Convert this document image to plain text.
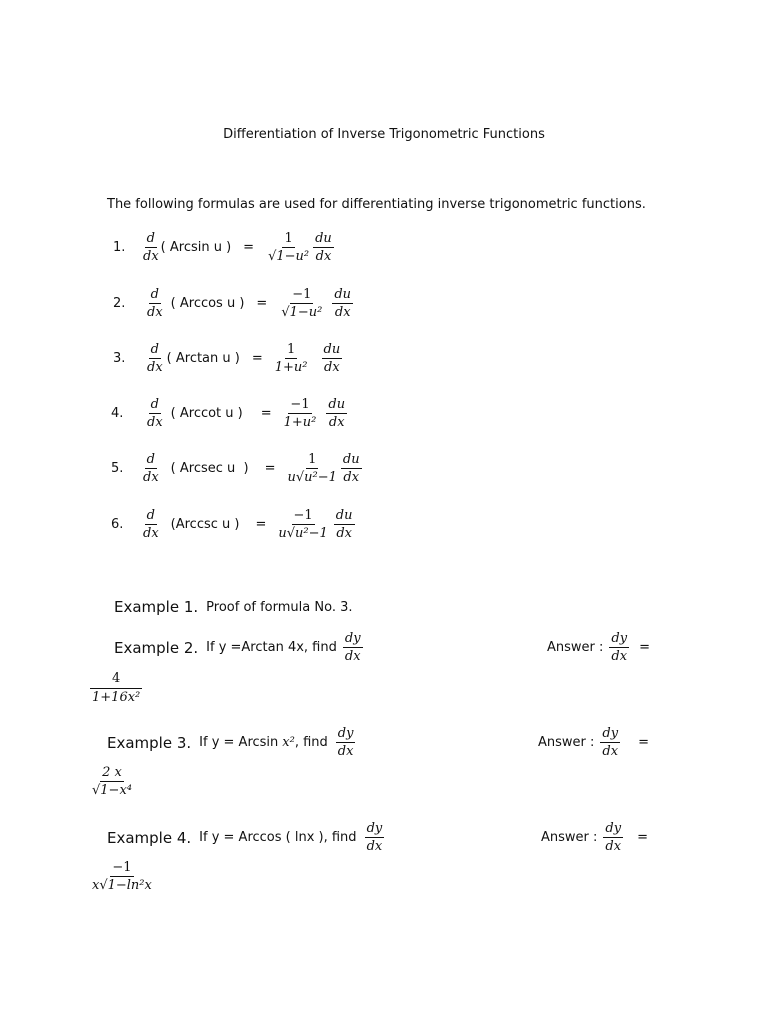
Differentiation of Inverse Trigonometric Functions
The following formulas are used for differentiating inverse trigonometric functions.
1.	$\frac{d}{dx}$ ( Arcsin u ) = $\frac{1}{\text{√1−u²}} \frac{du}{dx}$
2.	$\frac{d}{dx}$ ( Arccos u ) = $\frac{-1}{\text{√1−u²}} \frac{du}{dx}$
3.	$\frac{d}{dx}$ ( Arctan u ) = $\frac{1}{\text{1+u²}} \frac{du}{dx}$
4.	$\frac{d}{dx}$ ( Arccot u ) = $\frac{-1}{\text{1+u²}} \frac{du}{dx}$
5.	$\frac{d}{dx}$ ( Arcsec u  ) = $\frac{1}{\text{u√u²−1}} \frac{du}{dx}$
6.	$\frac{d}{dx} (Arccsc$ u ) = $\frac{-1}{\text{u√u²−1}} \frac{du}{dx}$
Example 1. Proof of formula No. 3.
Example 2. If y =Arctan 4x, find $\frac{dy}{dx}$	Answer : $\frac{dy}{dx}$ =
$\frac{4}{\text{1+16x²}}$
Example 3. If y = Arcsin x² , find $\frac{dy}{dx}$	Answer : $\frac{dy}{dx}$ =
$\frac{2 x}{\text{√1−x⁴}}$
Example 4. If y = Arccos ( lnx ), find $\frac{dy}{dx}$	Answer : $\frac{dy}{dx}$ =
$\frac{-1}{\text{x√1−ln²x}}$
